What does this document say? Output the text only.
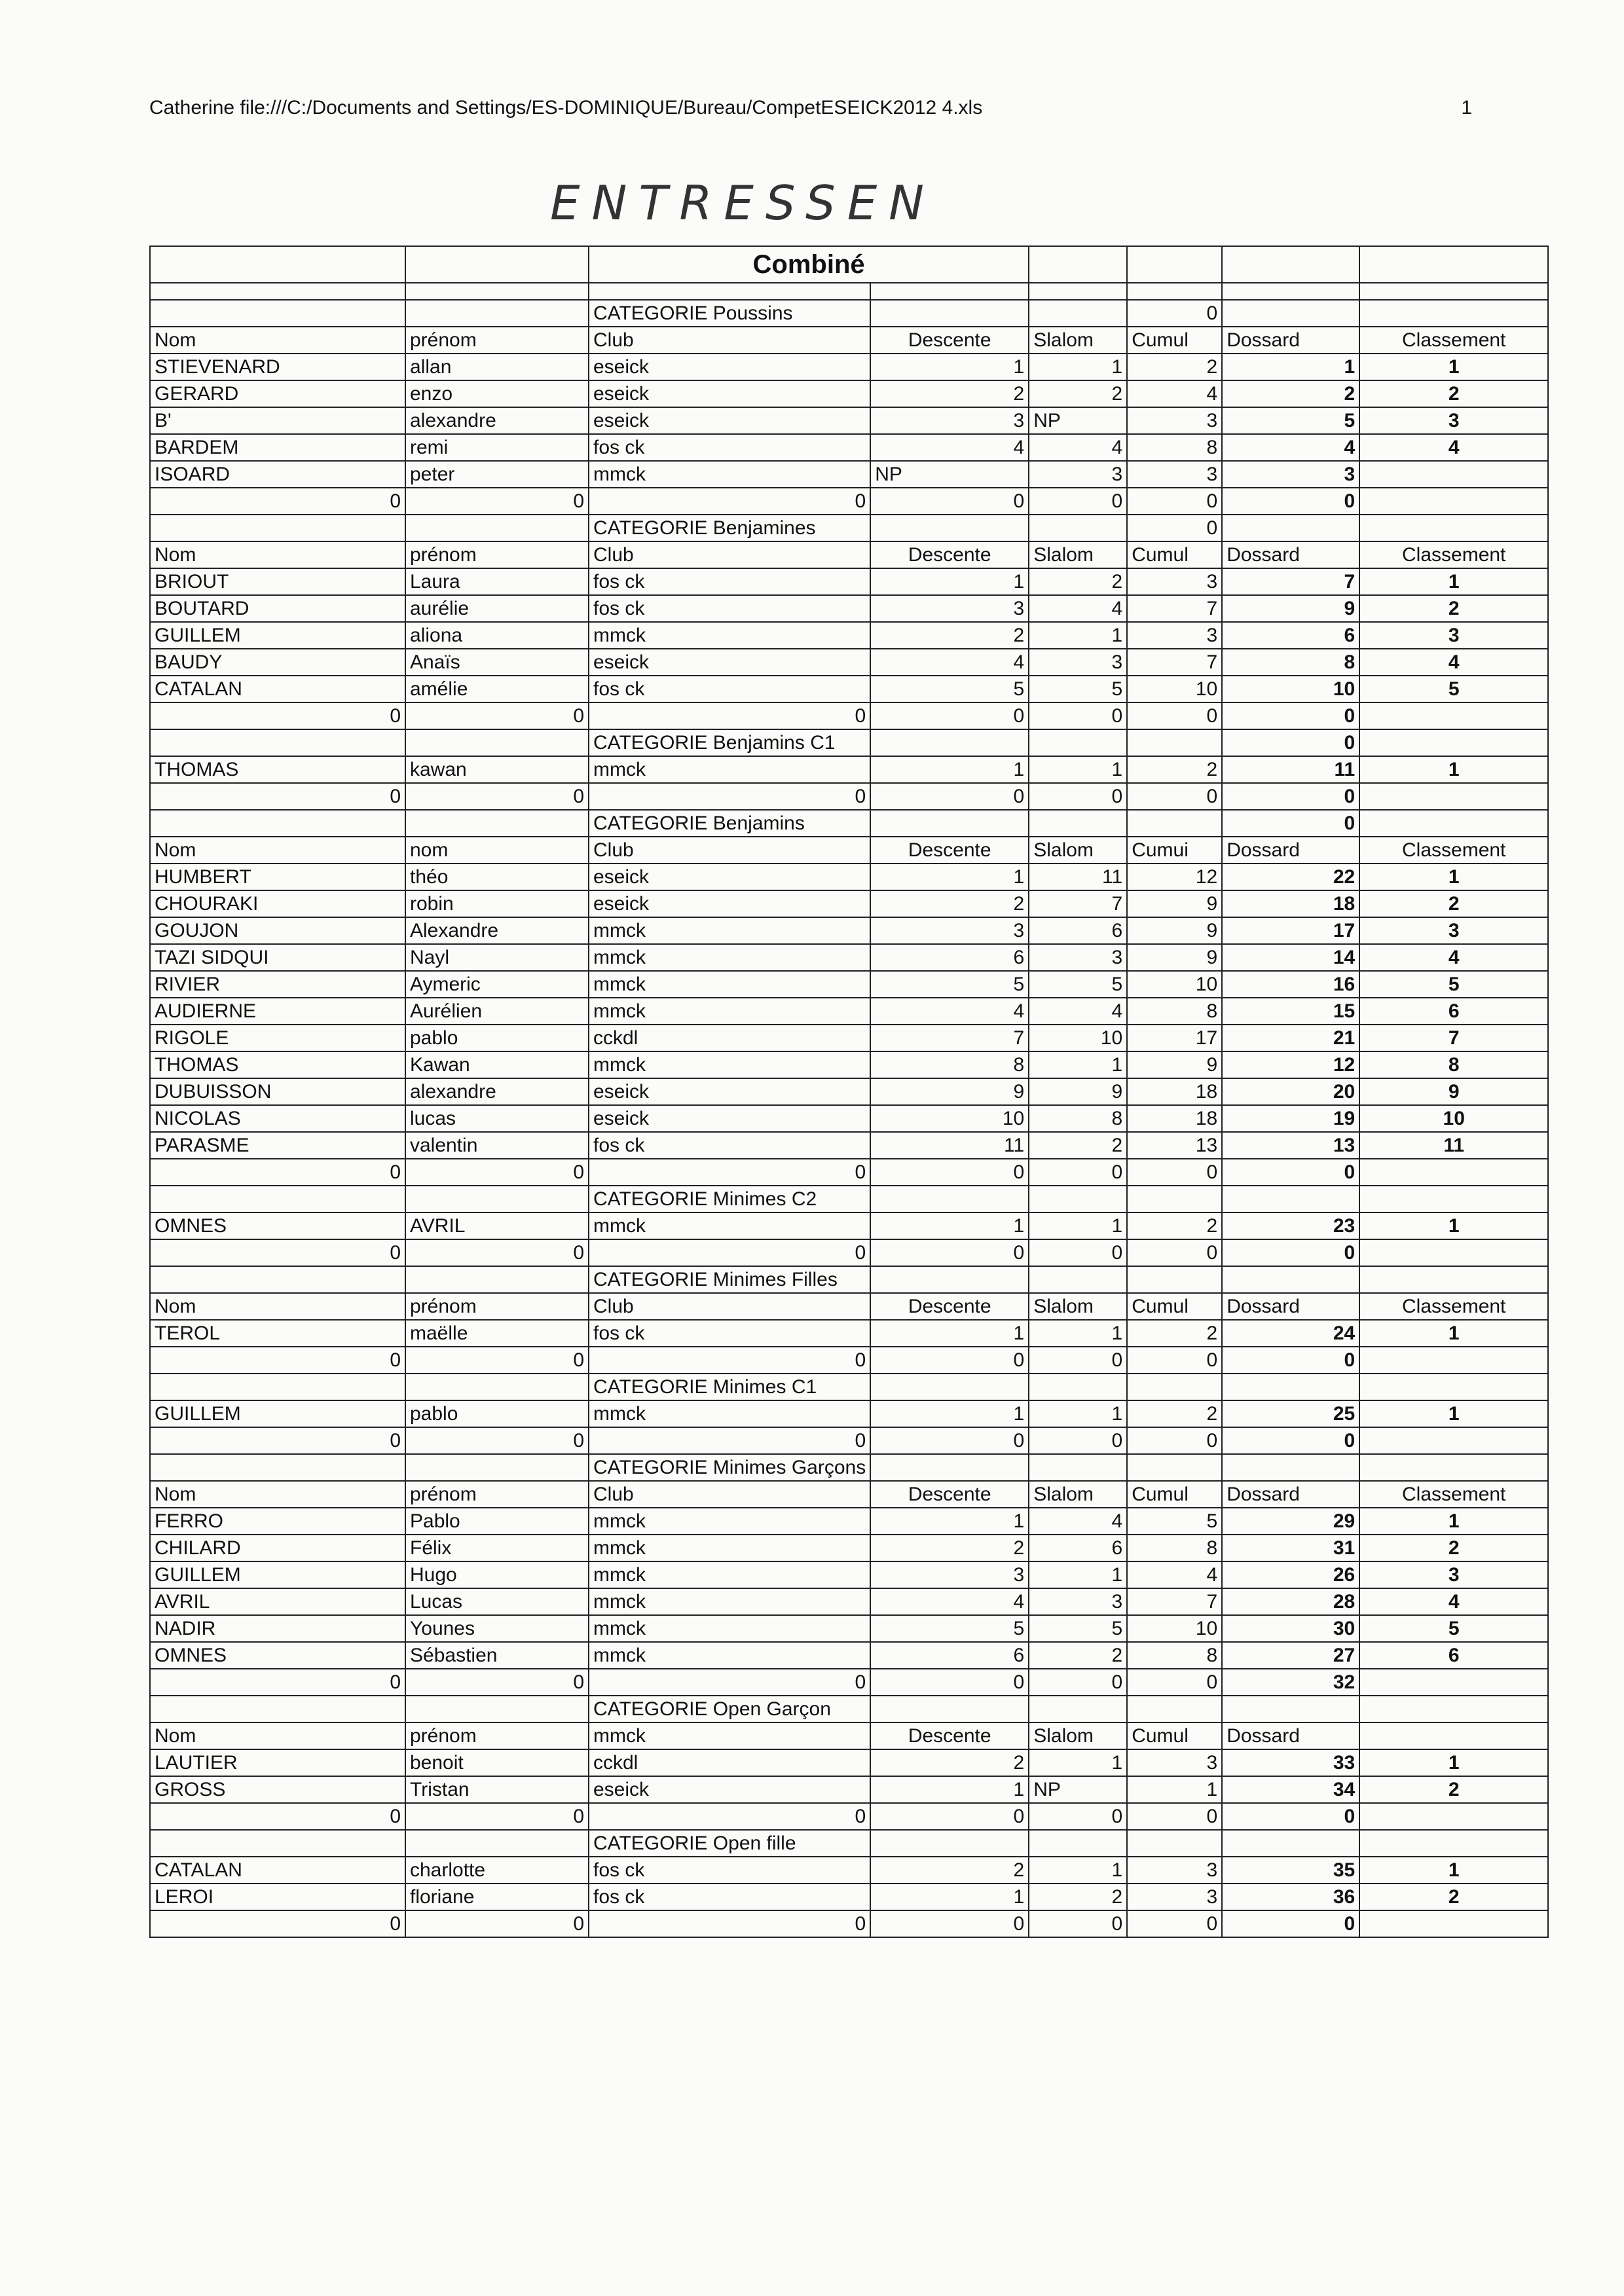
Catherine file:///C:/Documents and Settings/ES-DOMINIQUE/Bureau/CompetESEICK2012 4.xls	1
ENTRESSEN
		Combiné					

		CATEGORIE Poussins			0		
Nom	prénom	Club	Descente	Slalom	Cumul	Dossard	Classement
STIEVENARD	allan	eseick	1	1	2	1	1
GERARD	enzo	eseick	2	2	4	2	2
B'	alexandre	eseick	3	NP	3	5	3
BARDEM	remi	fos ck	4	4	8	4	4
ISOARD	peter	mmck	NP	3	3	3	
0	0	0	0	0	0	0	
		CATEGORIE Benjamines			0		
Nom	prénom	Club	Descente	Slalom	Cumul	Dossard	Classement
BRIOUT	Laura	fos ck	1	2	3	7	1
BOUTARD	aurélie	fos ck	3	4	7	9	2
GUILLEM	aliona	mmck	2	1	3	6	3
BAUDY	Anaïs	eseick	4	3	7	8	4
CATALAN	amélie	fos ck	5	5	10	10	5
0	0	0	0	0	0	0	
		CATEGORIE Benjamins C1				0	
THOMAS	kawan	mmck	1	1	2	11	1
0	0	0	0	0	0	0	
		CATEGORIE Benjamins				0	
Nom	nom	Club	Descente	Slalom	Cumui	Dossard	Classement
HUMBERT	théo	eseick	1	11	12	22	1
CHOURAKI	robin	eseick	2	7	9	18	2
GOUJON	Alexandre	mmck	3	6	9	17	3
TAZI SIDQUI	Nayl	mmck	6	3	9	14	4
RIVIER	Aymeric	mmck	5	5	10	16	5
AUDIERNE	Aurélien	mmck	4	4	8	15	6
RIGOLE	pablo	cckdl	7	10	17	21	7
THOMAS	Kawan	mmck	8	1	9	12	8
DUBUISSON	alexandre	eseick	9	9	18	20	9
NICOLAS	lucas	eseick	10	8	18	19	10
PARASME	valentin	fos ck	11	2	13	13	11
0	0	0	0	0	0	0	
		CATEGORIE Minimes C2					
OMNES	AVRIL	mmck	1	1	2	23	1
0	0	0	0	0	0	0	
		CATEGORIE Minimes Filles					
Nom	prénom	Club	Descente	Slalom	Cumul	Dossard	Classement
TEROL	maëlle	fos ck	1	1	2	24	1
0	0	0	0	0	0	0	
		CATEGORIE Minimes C1					
GUILLEM	pablo	mmck	1	1	2	25	1
0	0	0	0	0	0	0	
		CATEGORIE Minimes Garçons					
Nom	prénom	Club	Descente	Slalom	Cumul	Dossard	Classement
FERRO	Pablo	mmck	1	4	5	29	1
CHILARD	Félix	mmck	2	6	8	31	2
GUILLEM	Hugo	mmck	3	1	4	26	3
AVRIL	Lucas	mmck	4	3	7	28	4
NADIR	Younes	mmck	5	5	10	30	5
OMNES	Sébastien	mmck	6	2	8	27	6
0	0	0	0	0	0	32	
		CATEGORIE Open Garçon					
Nom	prénom	mmck	Descente	Slalom	Cumul	Dossard	
LAUTIER	benoit	cckdl	2	1	3	33	1
GROSS	Tristan	eseick	1	NP	1	34	2
0	0	0	0	0	0	0	
		CATEGORIE Open fille					
CATALAN	charlotte	fos ck	2	1	3	35	1
LEROI	floriane	fos ck	1	2	3	36	2
0	0	0	0	0	0	0	
